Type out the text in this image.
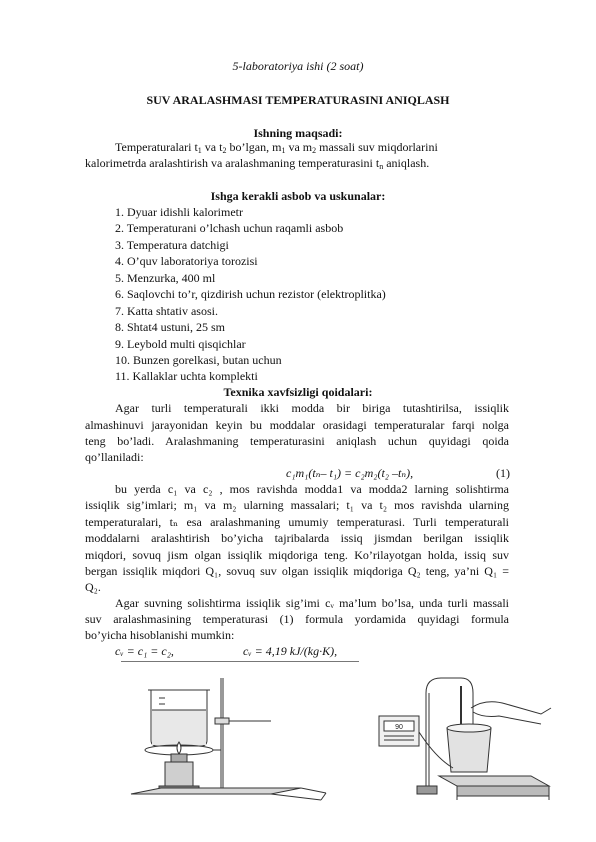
5-laboratoriya ishi (2 soat)
SUV ARALASHMASI TEMPERATURASINI ANIQLASH
Ishning maqsadi:
Temperaturalari $t_1$ va $t_2$ bo’lgan, $m_1$ va $m_2$ massali suv miqdorlarini
kalorimetrda aralashtirish va aralashmaning temperaturasini $t_n$ aniqlash.
Ishga kerakli asbob va uskunalar:
1. Dyuar idishli kalorimetr
2. Temperaturani o’lchash uchun raqamli asbob
3. Temperatura datchigi
4. O’quv laboratoriya torozisi
5. Menzurka, 400 ml
6. Saqlovchi to’r, qizdirish uchun rezistor (elektroplitka)
7. Katta shtativ asosi.
8. Shtat4 ustuni, 25 sm
9. Leybold multi qisqichlar
10. Bunzen gorelkasi, butan uchun
11. Kallaklar uchta komplekti
Texnika xavfsizligi qoidalari:
Agar turli temperaturali ikki modda bir biriga tutashtirilsa, issiqlik
almashinuvi jarayonidan keyin bu moddalar orasidagi temperaturalar farqi nolga
teng bo’ladi. Aralashmaning temperaturasini aniqlash uchun quyidagi qoida
qo’llaniladi:
c₁m₁(tₙ– t₁) = c₂m₂(t₂ –tₙ),	(1)
bu yerda c₁ va c₂ , mos ravishda modda1 va modda2 larning solishtirma
issiqlik sig’imlari; m₁ va m₂ ularning massalari; t₁ va t₂ mos ravishda ularning
temperaturalari, tₙ esa aralashmaning umumiy temperaturasi. Turli temperaturali
moddalarni aralashtirish bo’yicha tajribalarda issiq jismdan berilgan issiqlik
miqdori, sovuq jism olgan issiqlik miqdoriga teng. Ko’rilayotgan holda, issiq suv
bergan issiqlik miqdori Q₁, sovuq suv olgan issiqlik miqdoriga Q₂ teng, ya’ni Q₁ =
Q₂.
Agar suvning solishtirma issiqlik sig’imi cᵥ ma’lum bo’lsa, unda turli massali
suv aralashmasining temperaturasi (1) formula yordamida quyidagi formula
bo’yicha hisoblanishi mumkin:
cᵥ = c₁ = c₂,	cᵥ = 4,19 kJ/(kg·K),
90
